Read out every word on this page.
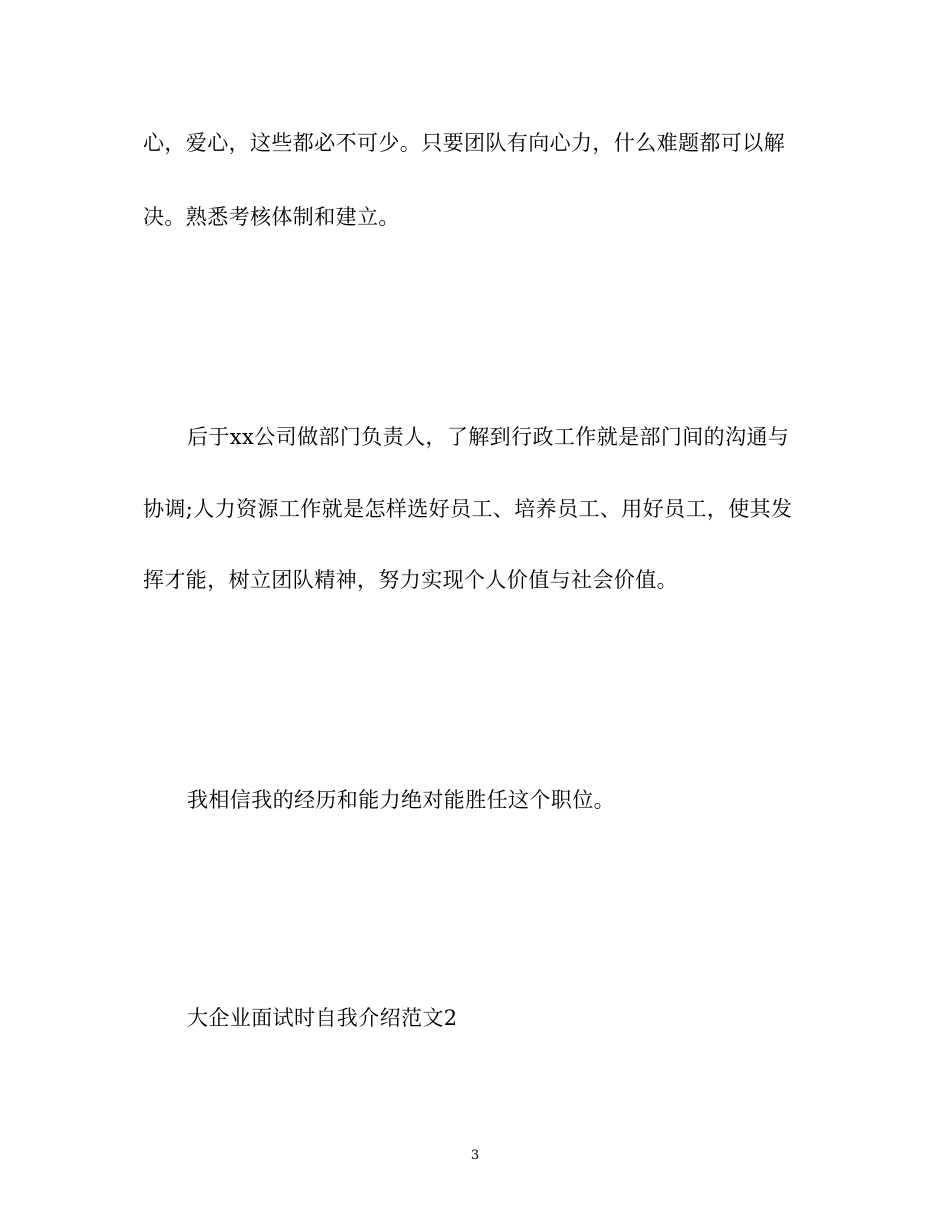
心，爱心，这些都必不可少。只要团队有向心力，什么难题都可以解
决。熟悉考核体制和建立。
后于xx公司做部门负责人，了解到行政工作就是部门间的沟通与
协调;人力资源工作就是怎样选好员工、培养员工、用好员工，使其发
挥才能，树立团队精神，努力实现个人价值与社会价值。
我相信我的经历和能力绝对能胜任这个职位。
大企业面试时自我介绍范文2
3
